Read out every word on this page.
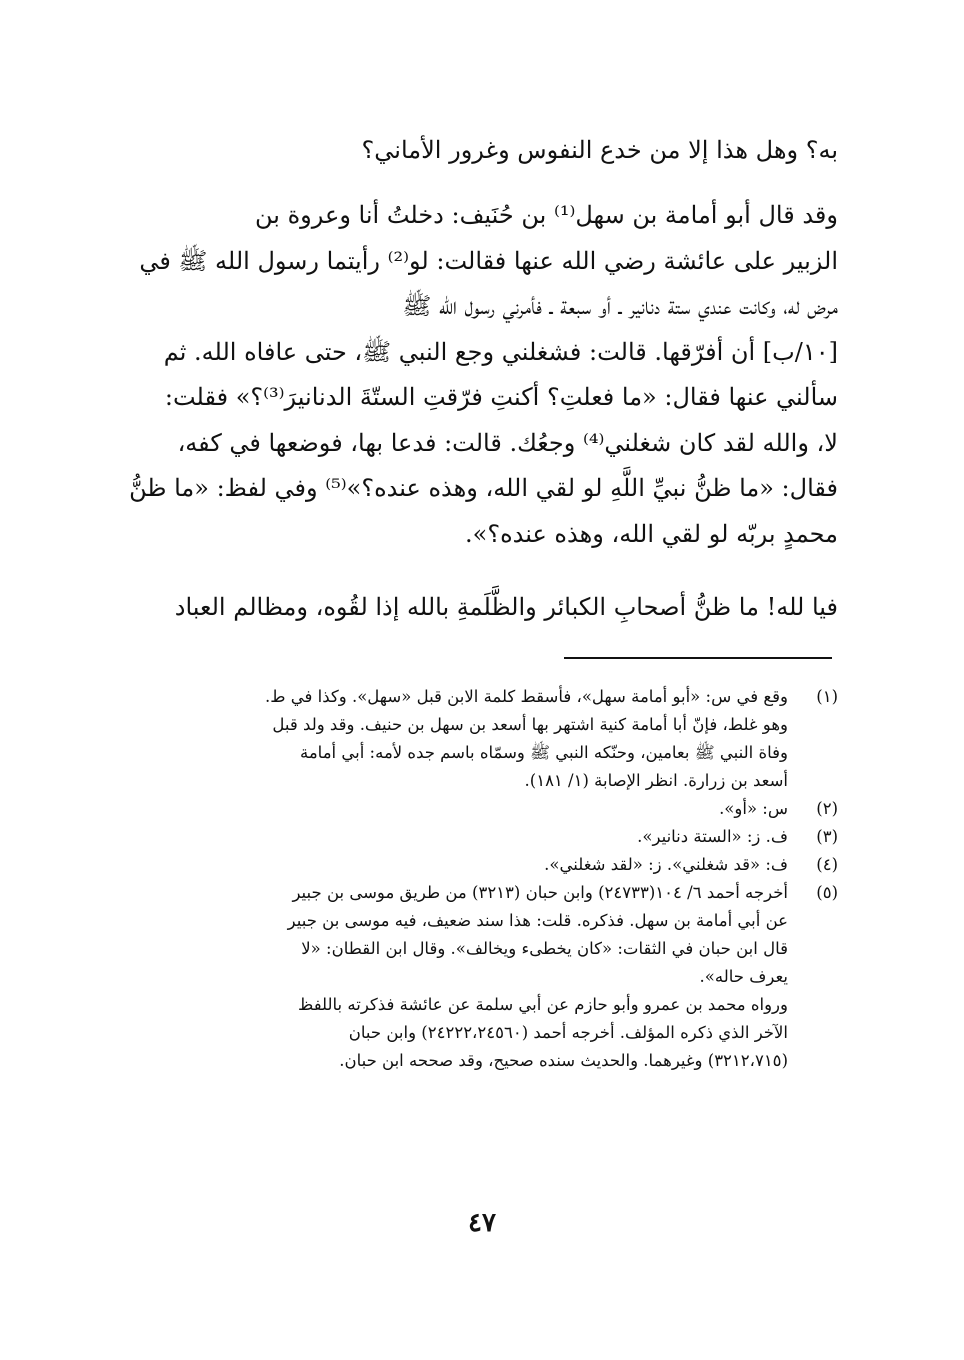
به؟ وهل هذا إلا من خدع النفوس وغرور الأماني؟
وقد قال أبو أمامة بن سهل⁽¹⁾ بن حُنَيف: دخلتُ أنا وعروة بن
الزبير على عائشة رضي الله عنها فقالت: لو⁽²⁾ رأيتما رسول الله ﷺ في
مرض له، وكانت عندي ستة دنانير ـ أو سبعة ـ فأمرني رسول الله ﷺ
[١٠/ب] أن أفرّقها. قالت: فشغلني وجع النبي ﷺ، حتى عافاه الله. ثم
سألني عنها فقال: «ما فعلتِ؟ أكنتِ فرّقتِ الستّةَ الدنانيرَ⁽³⁾؟» فقلت:
لا، والله لقد كان شغلني⁽⁴⁾ وجعُك. قالت: فدعا بها، فوضعها في كفه،
فقال: «ما ظنُّ نبيِّ اللَّهِ لو لقي الله، وهذه عنده؟»⁽⁵⁾ وفي لفظ: «ما ظنُّ
محمدٍ بربّه لو لقي الله، وهذه عنده؟».
فيا لله! ما ظنُّ أصحابِ الكبائر والظَّلَمةِ بالله إذا لقُوه، ومظالم العباد
(١)
وقع في س: «أبو أمامة سهل»، فأسقط كلمة الابن قبل «سهل». وكذا في ط.
وهو غلط، فإنّ أبا أمامة كنية اشتهر بها أسعد بن سهل بن حنيف. وقد ولد قبل
وفاة النبي ﷺ بعامين، وحنّكه النبي ﷺ وسمّاه باسم جده لأمه: أبي أمامة
أسعد بن زرارة. انظر الإصابة (١/ ١٨١).
(٢)
س: «أو».
(٣)
ف. ز: «الستة دنانير».
(٤)
ف: «قد شغلني». ز: «لقد شغلني».
(٥)
أخرجه أحمد ٦/ ١٠٤(٢٤٧٣٣) وابن حبان (٣٢١٣) من طريق موسى بن جبير
عن أبي أمامة بن سهل. فذكره. قلت: هذا سند ضعيف، فيه موسى بن جبير
قال ابن حبان في الثقات: «كان يخطىء ويخالف». وقال ابن القطان: «لا
يعرف حاله».
ورواه محمد بن عمرو وأبو حازم عن أبي سلمة عن عائشة فذكرته باللفظ
الآخر الذي ذكره المؤلف. أخرجه أحمد (٢٤٢٢٢،٢٤٥٦٠) وابن حبان
(٣٢١٢،٧١٥) وغيرهما. والحديث سنده صحيح، وقد صححه ابن حبان.
٤٧
